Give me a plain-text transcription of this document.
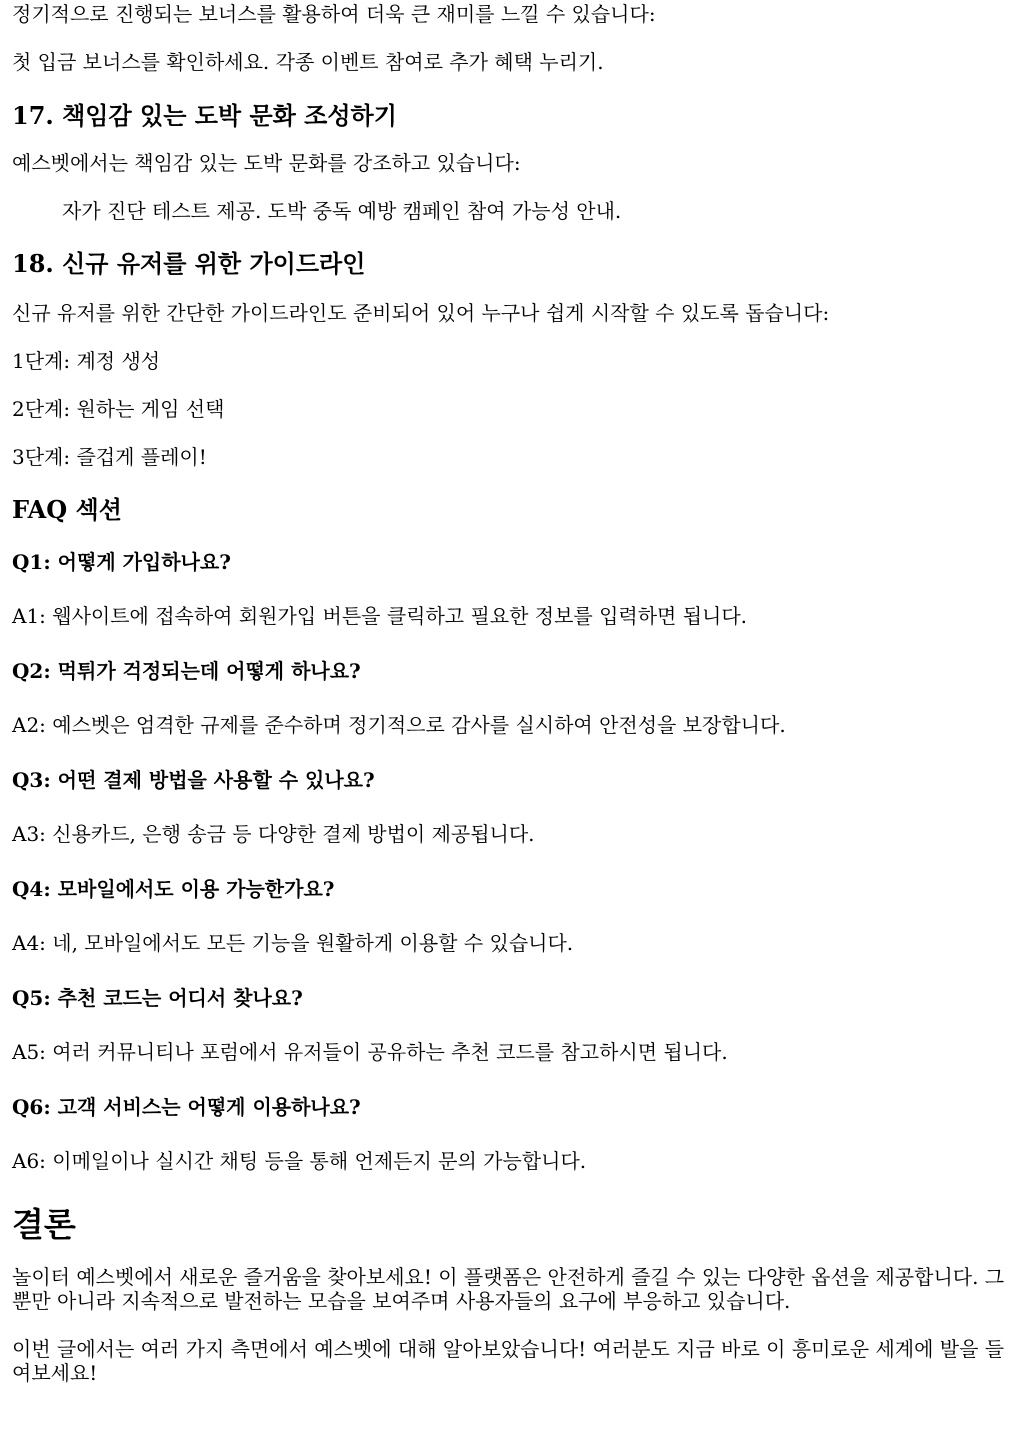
정기적으로 진행되는 보너스를 활용하여 더욱 큰 재미를 느낄 수 있습니다:

첫 입금 보너스를 확인하세요. 각종 이벤트 참여로 추가 혜택 누리기.

17. 책임감 있는 도박 문화 조성하기

예스벳에서는 책임감 있는 도박 문화를 강조하고 있습니다:

자가 진단 테스트 제공. 도박 중독 예방 캠페인 참여 가능성 안내.

18. 신규 유저를 위한 가이드라인

신규 유저를 위한 간단한 가이드라인도 준비되어 있어 누구나 쉽게 시작할 수 있도록 돕습니다:

1단계: 계정 생성

2단계: 원하는 게임 선택

3단계: 즐겁게 플레이!

FAQ 섹션
Q1: 어떻게 가입하나요?

A1: 웹사이트에 접속하여 회원가입 버튼을 클릭하고 필요한 정보를 입력하면 됩니다.

Q2: 먹튀가 걱정되는데 어떻게 하나요?

A2: 예스벳은 엄격한 규제를 준수하며 정기적으로 감사를 실시하여 안전성을 보장합니다.

Q3: 어떤 결제 방법을 사용할 수 있나요?

A3: 신용카드, 은행 송금 등 다양한 결제 방법이 제공됩니다.

Q4: 모바일에서도 이용 가능한가요?

A4: 네, 모바일에서도 모든 기능을 원활하게 이용할 수 있습니다.

Q5: 추천 코드는 어디서 찾나요?

A5: 여러 커뮤니티나 포럼에서 유저들이 공유하는 추천 코드를 참고하시면 됩니다.

Q6: 고객 서비스는 어떻게 이용하나요?

A6: 이메일이나 실시간 채팅 등을 통해 언제든지 문의 가능합니다.

결론

놀이터 예스벳에서 새로운 즐거움을 찾아보세요! 이 플랫폼은 안전하게 즐길 수 있는 다양한 옵션을 제공합니다. 그뿐만 아니라 지속적으로 발전하는 모습을 보여주며 사용자들의 요구에 부응하고 있습니다.

이번 글에서는 여러 가지 측면에서 예스벳에 대해 알아보았습니다! 여러분도 지금 바로 이 흥미로운 세계에 발을 들여보세요!
